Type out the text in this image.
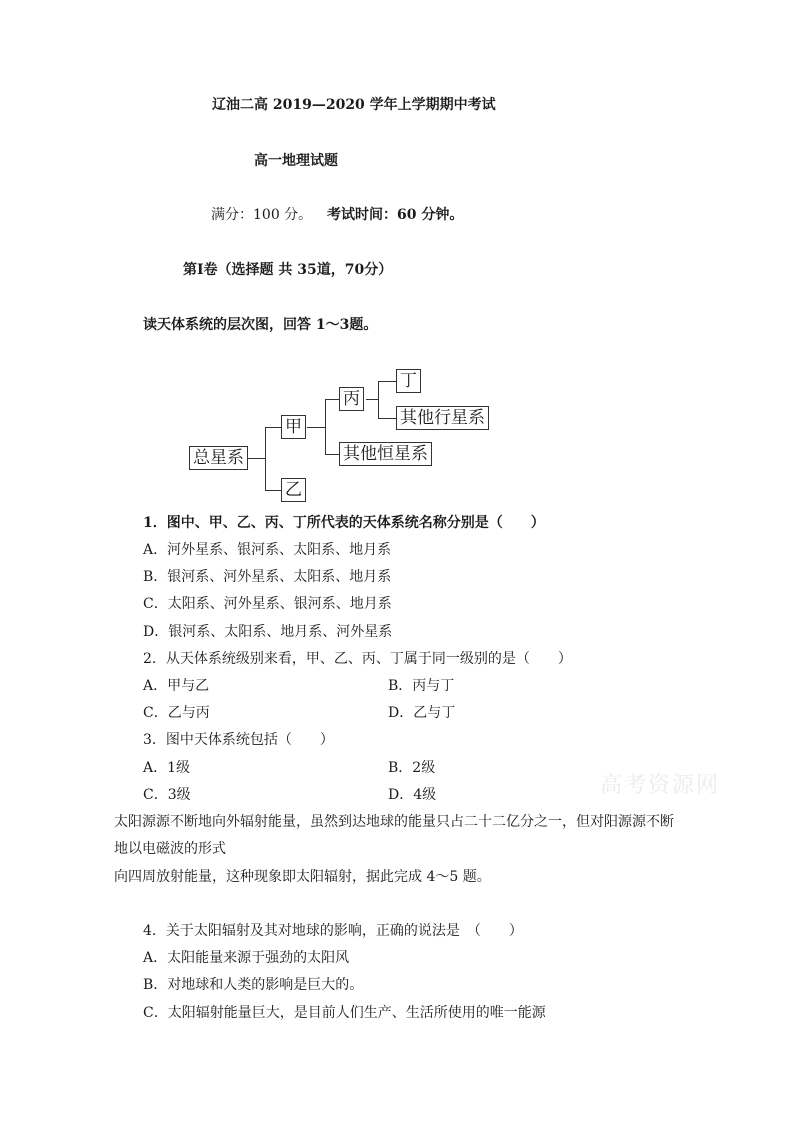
辽油二高 2019—2020 学年上学期期中考试
高一地理试题
满分：100 分。 考试时间：60 分钟。
第Ⅰ卷（选择题 共 35道，70分）
读天体系统的层次图，回答 1～3题。
总星系
甲
乙
丙
其他恒星系
丁
其他行星系
1．图中、甲、乙、丙、丁所代表的天体系统名称分别是（　　）
A．河外星系、银河系、太阳系、地月系
B．银河系、河外星系、太阳系、地月系
C．太阳系、河外星系、银河系、地月系
D．银河系、太阳系、地月系、河外星系
2．从天体系统级别来看，甲、乙、丙、丁属于同一级别的是（　　）
A．甲与乙	B．丙与丁
C．乙与丙	D．乙与丁
3．图中天体系统包括（　　）
A．1级	B．2级
C．3级	D．4级	高考资源网
太阳源源不断地向外辐射能量，虽然到达地球的能量只占二十二亿分之一，但对阳源源不断
地以电磁波的形式
向四周放射能量，这种现象即太阳辐射，据此完成 4～5 题。
4．关于太阳辐射及其对地球的影响，正确的说法是　（　　）
A．太阳能量来源于强劲的太阳风
B．对地球和人类的影响是巨大的。
C．太阳辐射能量巨大，是目前人们生产、生活所使用的唯一能源
